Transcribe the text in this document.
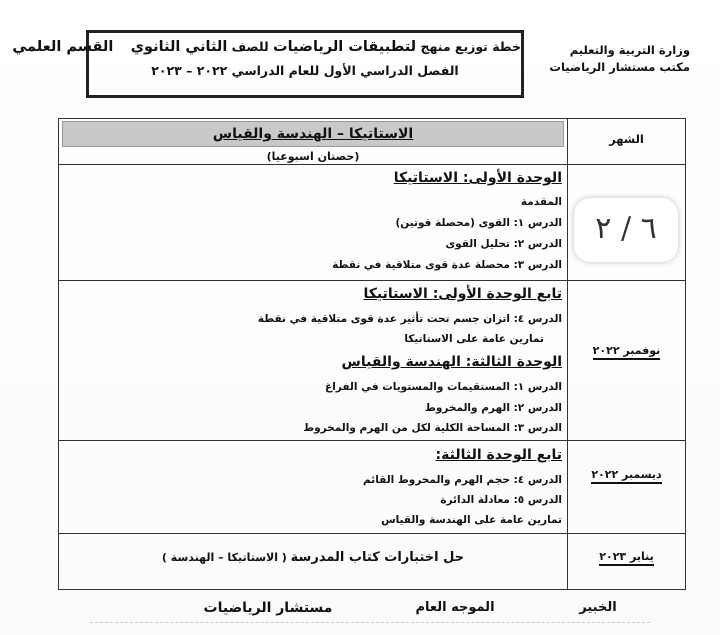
وزارة التربية والتعليم
مكتب مستشار الرياضيات
خطة توزيع منهج لتطبيقات الرياضيات للصف الثاني الثانوي    القسم العلمي
الفصل الدراسي الأول للعام الدراسي ٢٠٢٢ – ٢٠٢٣
الشهر
الاستاتيكا – الهندسة والقياس
(حصتان اسبوعيا)
٦ / ٢
الوحدة الأولى: الاستاتيكا
المقدمة
الدرس ١: القوى (محصلة قوتين)
الدرس ٢: تحليل القوى
الدرس ٣: محصلة عدة قوى متلاقية في نقطة
نوفمبر ٢٠٢٢
تابع الوحدة الأولى: الاستاتيكا
الدرس ٤: اتزان جسم تحت تأثير عدة قوى متلاقية في نقطة
تمارين عامة على الاستاتيكا
الوحدة الثالثة: الهندسة والقياس
الدرس ١: المستقيمات والمستويات في الفراغ
الدرس ٢: الهرم والمخروط
الدرس ٣: المساحة الكلية لكل من الهرم والمخروط
ديسمبر ٢٠٢٢
تابع الوحدة الثالثة:
الدرس ٤: حجم الهرم والمخروط القائم
الدرس ٥: معادلة الدائرة
تمارين عامة على الهندسة والقياس
يناير ٢٠٢٣
حل اختبارات كتاب المدرسة ( الاستاتيكا – الهندسة )
الخبير
الموجه العام
مستشار الرياضيات
